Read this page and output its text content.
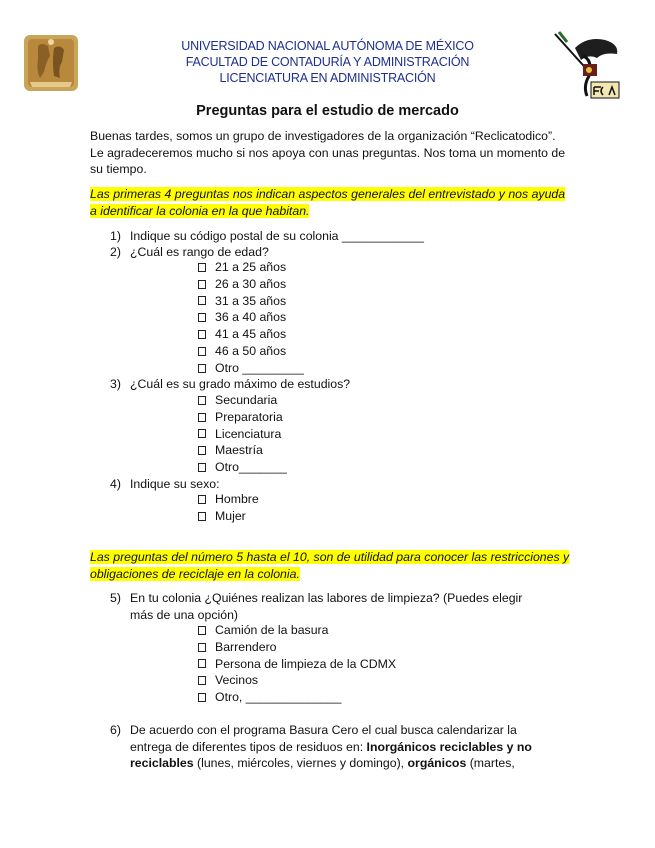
UNIVERSIDAD NACIONAL AUTÓNOMA DE MÉXICO
FACULTAD DE CONTADURÍA Y ADMINISTRACIÓN
LICENCIATURA EN ADMINISTRACIÓN
Preguntas para el estudio de mercado
Buenas tardes, somos un grupo de investigadores de la organización “Reclicatodico”. Le agradeceremos mucho si nos apoya con unas preguntas. Nos toma un momento de su tiempo.
Las primeras 4 preguntas nos indican aspectos generales del entrevistado y nos ayuda a identificar la colonia en la que habitan.
1) Indique su código postal de su colonia ____________
2) ¿Cuál es rango de edad?
21 a 25 años
26 a 30 años
31 a 35 años
36 a 40 años
41 a 45 años
46 a 50 años
Otro _________
3) ¿Cuál es su grado máximo de estudios?
Secundaria
Preparatoria
Licenciatura
Maestría
Otro_______
4) Indique su sexo:
Hombre
Mujer
Las preguntas del número 5 hasta el 10, son de utilidad para conocer las restricciones y obligaciones de reciclaje en la colonia.
5) En tu colonia ¿Quiénes realizan las labores de limpieza? (Puedes elegir
más de una opción)
Camión de la basura
Barrendero
Persona de limpieza de la CDMX
Vecinos
Otro, ______________
6) De acuerdo con el programa Basura Cero el cual busca calendarizar la
entrega de diferentes tipos de residuos en: Inorgánicos reciclables y no
reciclables (lunes, miércoles, viernes y domingo), orgánicos (martes,
